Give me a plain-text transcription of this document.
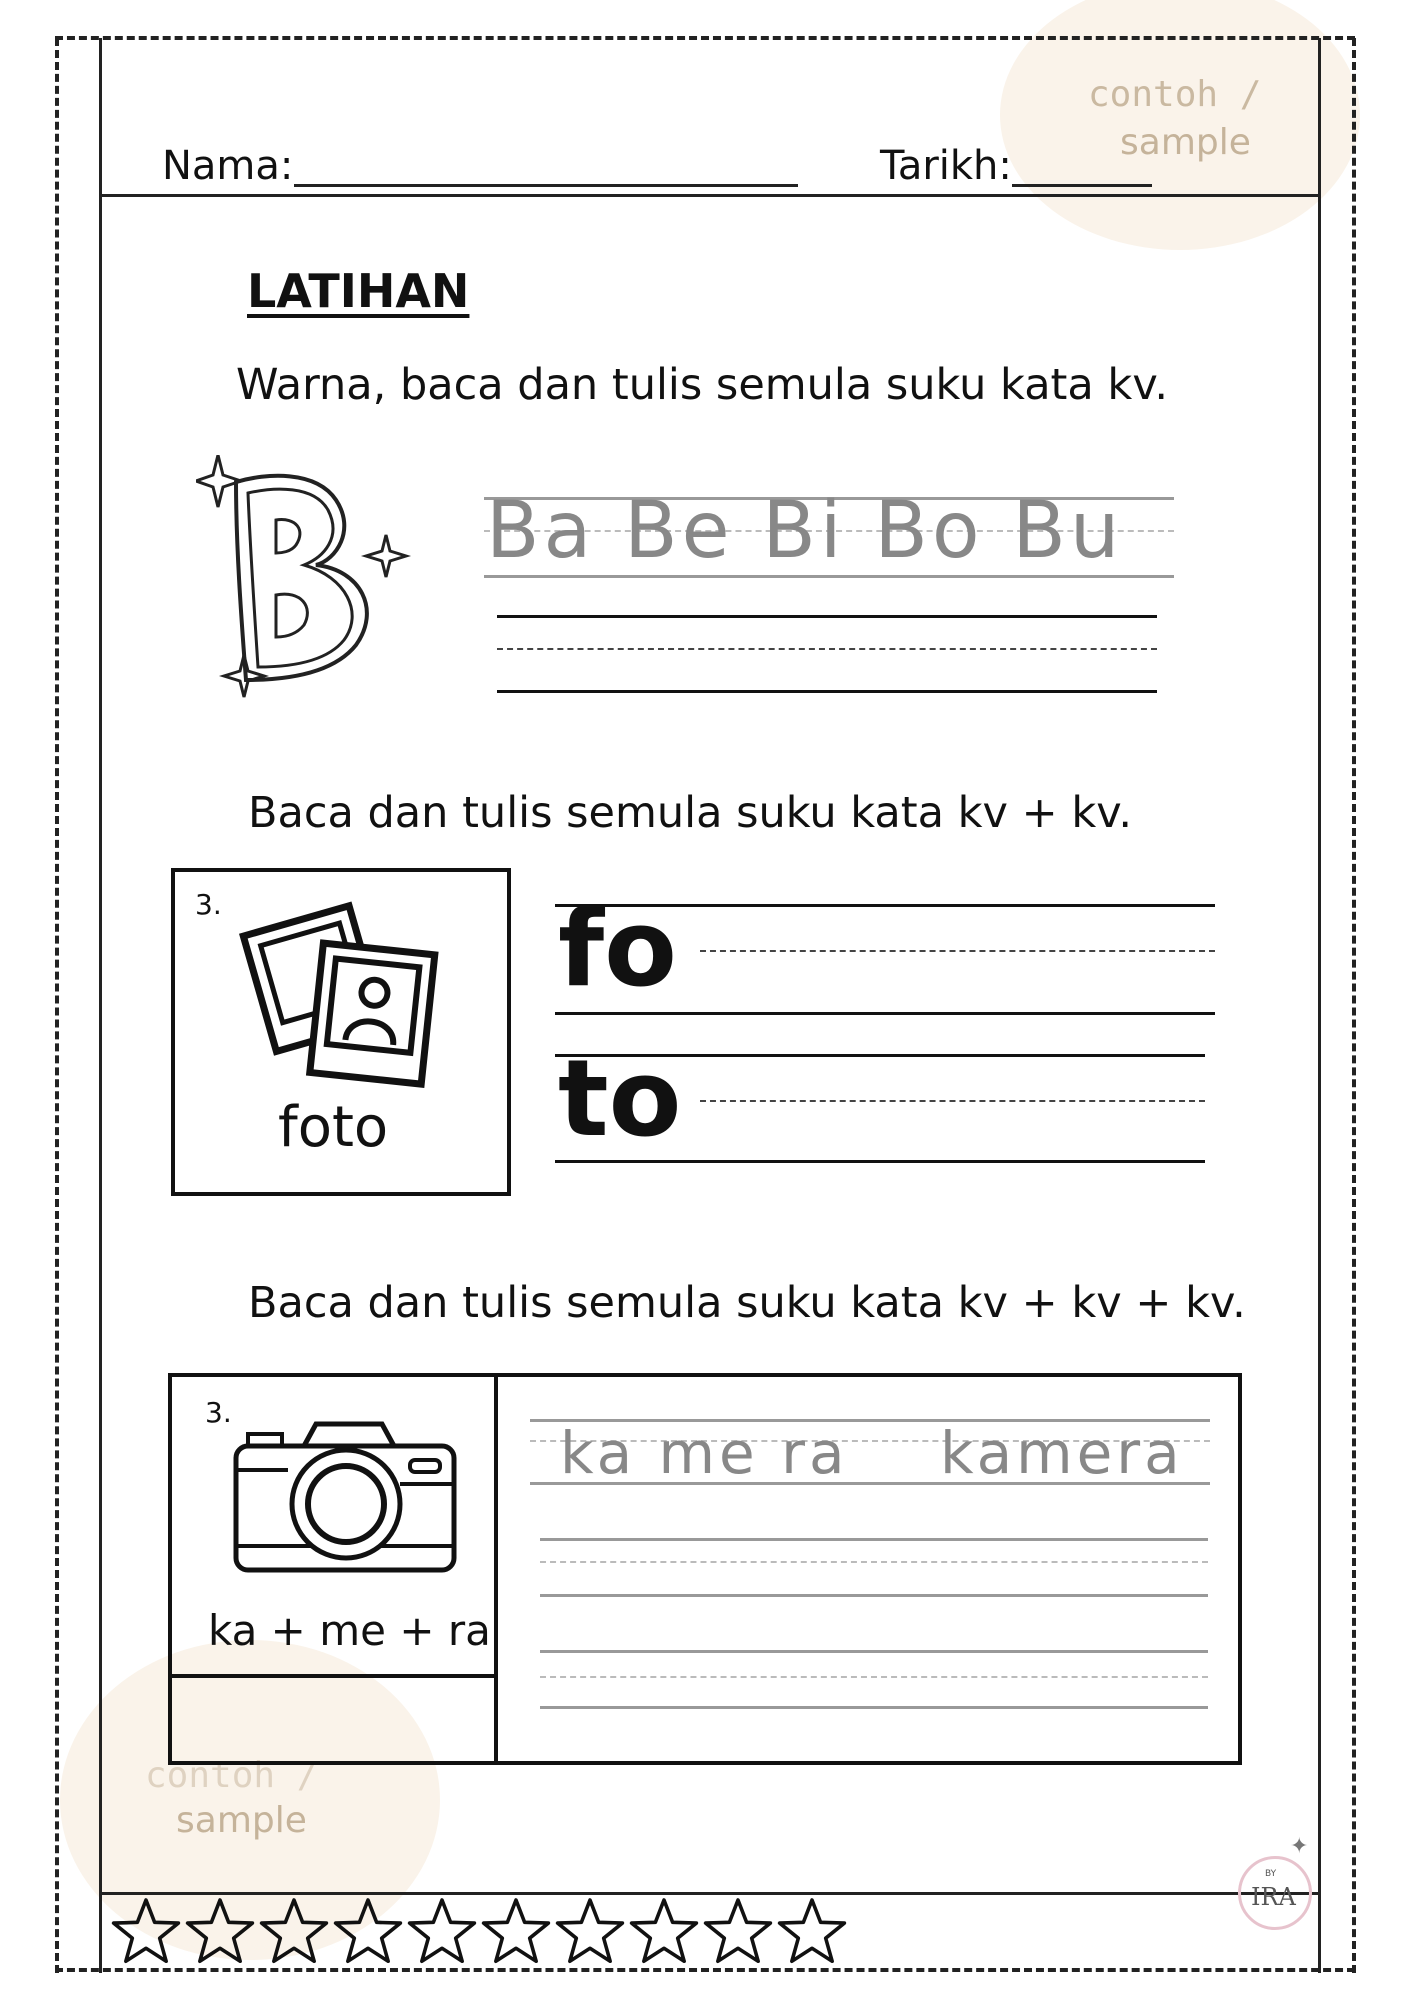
contoh /
sample
contoh /
sample
Nama:	Tarikh:
LATIHAN
Warna, baca dan tulis semula suku kata kv.
Ba Be Bi Bo Bu
Baca dan tulis semula suku kata kv + kv.
3.
foto
fo
to
Baca dan tulis semula suku kata kv + kv + kv.
3.
ka + me + ra
ka me ra kamera
BY
IRA
✦
